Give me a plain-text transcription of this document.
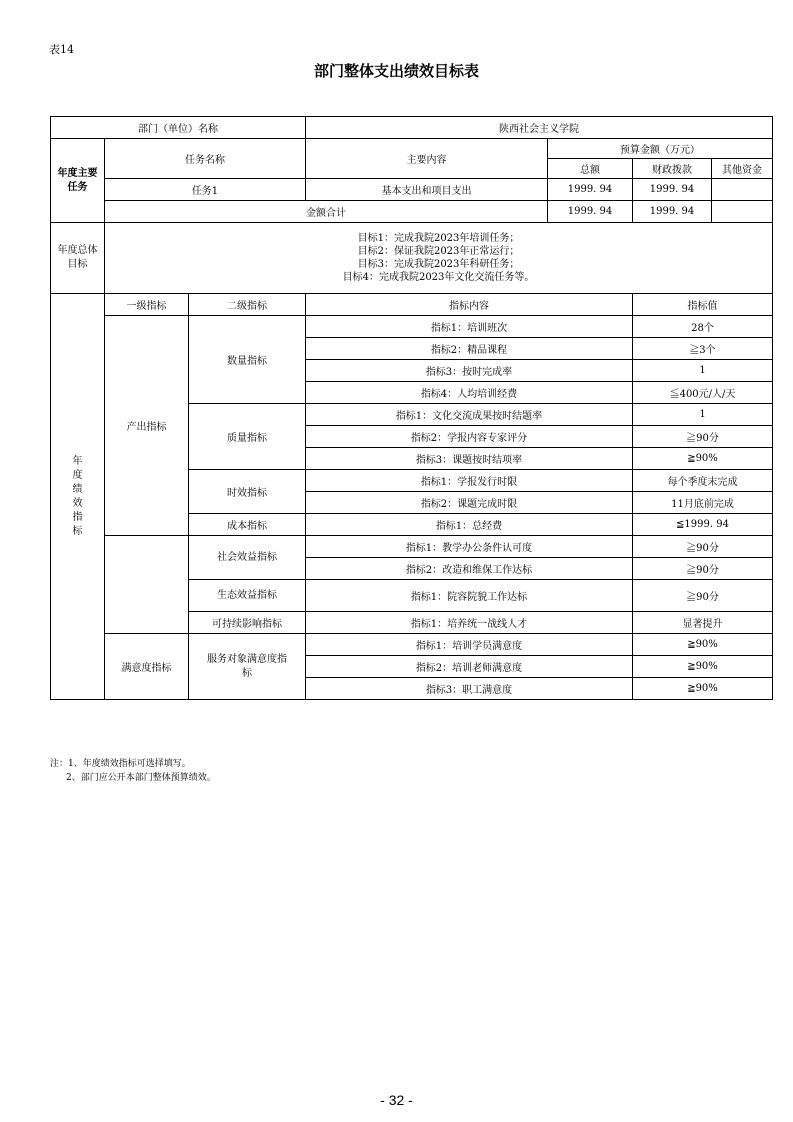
表14
部门整体支出绩效目标表
部门（单位）名称			陕西社会主义学院			
年度主要任务	任务名称		主要内容	预算金额（万元）		
				总额	财政拨款	其他资金
	任务1		基本支出和项目支出	1999. 94	1999. 94	
	金额合计			1999. 94	1999. 94	

年度总体目标	目标1：完成我院2023年培训任务；
目标2：保证我院2023年正常运行；
目标3：完成我院2023年科研任务；
目标4：完成我院2023年文化交流任务等。					

年度绩效指标	一级指标	二级指标	指标内容		指标值	
	产出指标	数量指标	指标1：培训班次		28个	
			指标2：精品课程		≧3个	
			指标3：按时完成率		1	
			指标4：人均培训经费		≦400元/人/天	
		质量指标	指标1：文化交流成果按时结题率		1	
			指标2：学报内容专家评分		≧90分	
			指标3：课题按时结项率		≧90%	
		时效指标	指标1：学报发行时限		每个季度末完成	
			指标2：课题完成时限		11月底前完成	
		成本指标	指标1：总经费		≦1999. 94	
		社会效益指标	指标1：教学办公条件认可度		≧90分	
			指标2：改造和维保工作达标		≧90分	
		生态效益指标	指标1：院容院貌工作达标		≧90分	
		可持续影响指标	指标1：培养统一战线人才		显著提升	
	满意度指标	服务对象满意度指标	指标1：培训学员满意度		≧90%	
			指标2：培训老师满意度		≧90%	
			指标3：职工满意度		≧90%	
注：1、年度绩效指标可选择填写。
2、部门应公开本部门整体预算绩效。
- 32 -
